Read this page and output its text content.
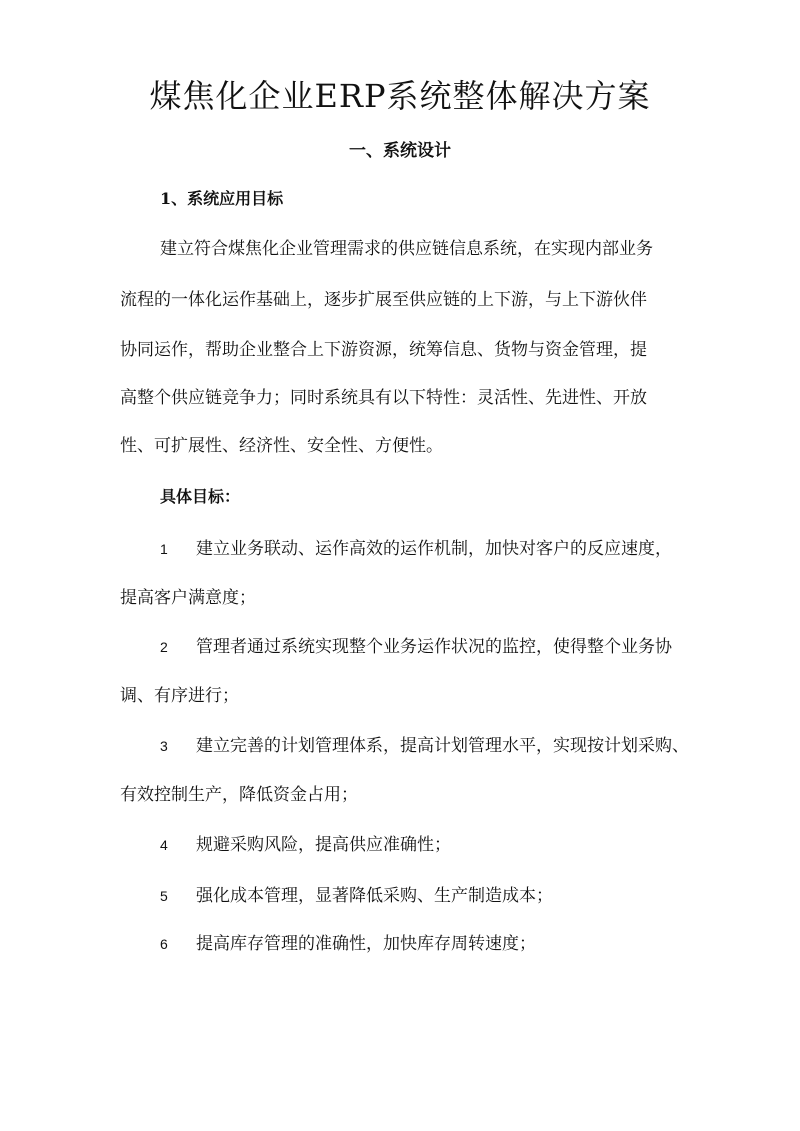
煤焦化企业ERP系统整体解决方案
一、系统设计
1、系统应用目标
建立符合煤焦化企业管理需求的供应链信息系统，在实现内部业务
流程的一体化运作基础上，逐步扩展至供应链的上下游，与上下游伙伴
协同运作，帮助企业整合上下游资源，统筹信息、货物与资金管理，提
高整个供应链竞争力；同时系统具有以下特性：灵活性、先进性、开放
性、可扩展性、经济性、安全性、方便性。
具体目标：
1 建立业务联动、运作高效的运作机制，加快对客户的反应速度，
提高客户满意度；
2 管理者通过系统实现整个业务运作状况的监控，使得整个业务协
调、有序进行；
3 建立完善的计划管理体系，提高计划管理水平，实现按计划采购、
有效控制生产，降低资金占用；
4 规避采购风险，提高供应准确性；
5 强化成本管理，显著降低采购、生产制造成本；
6 提高库存管理的准确性，加快库存周转速度；
